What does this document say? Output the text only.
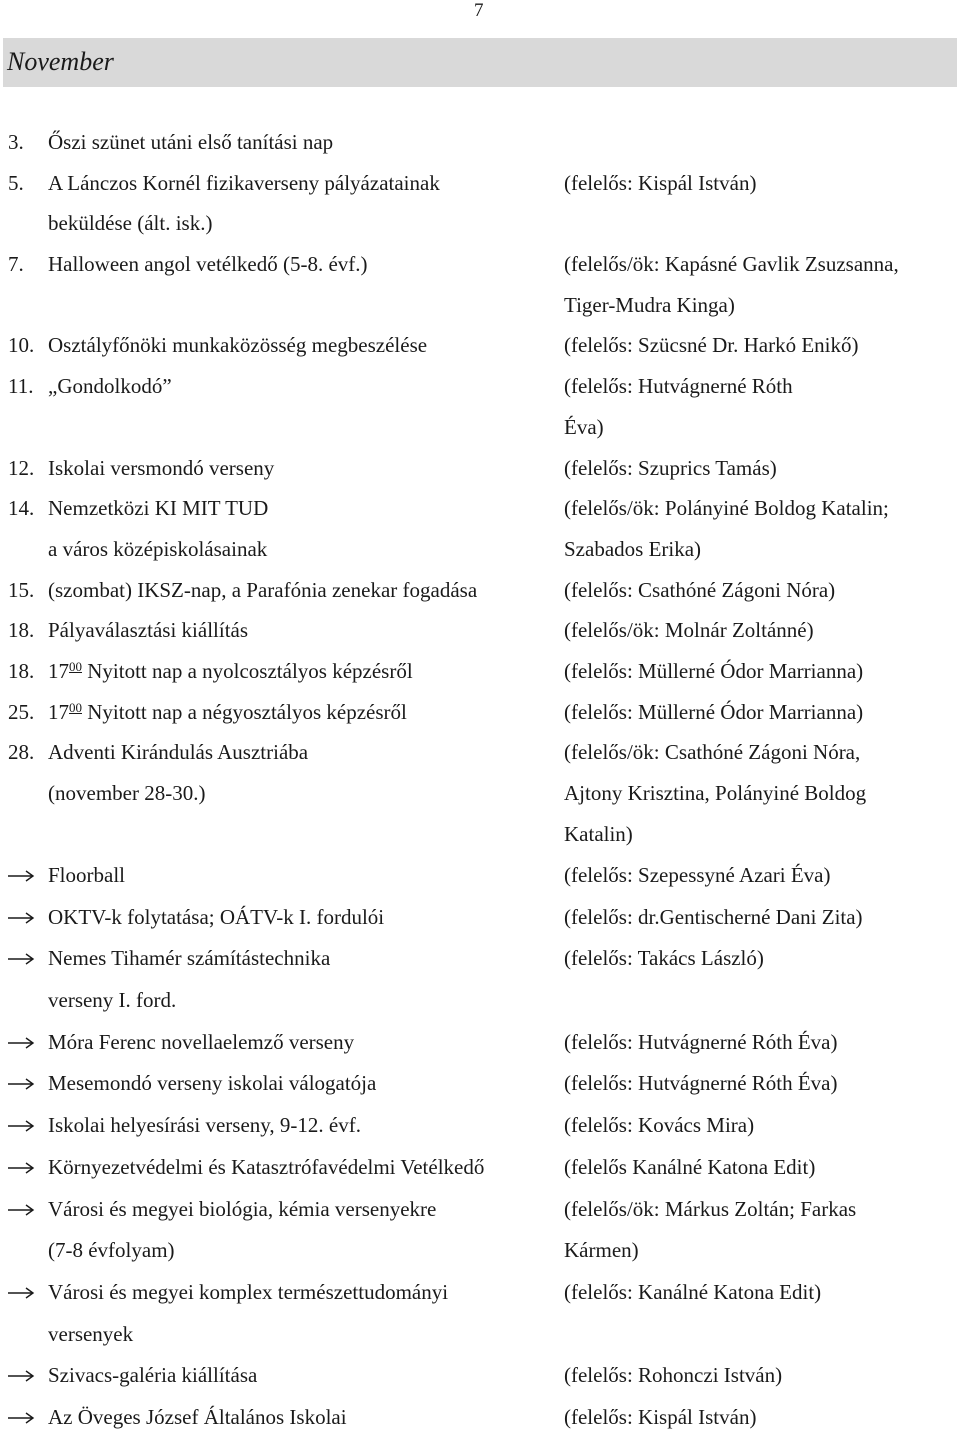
7
November
3. Őszi szünet utáni első tanítási nap
5. A Lánczos Kornél fizikaverseny pályázatainak	(felelős: Kispál István)
beküldése (ált. isk.)
7. Halloween angol vetélkedő (5-8. évf.)	(felelős/ök: Kapásné Gavlik Zsuzsanna,
Tiger-Mudra Kinga)
10. Osztályfőnöki munkaközösség megbeszélése	(felelős: Szücsné Dr. Harkó Enikő)
11. „Gondolkodó”	(felelős: Hutvágnerné Róth
Éva)
12. Iskolai versmondó verseny	(felelős: Szuprics Tamás)
14. Nemzetközi KI MIT TUD	(felelős/ök: Polányiné Boldog Katalin;
a város középiskolásainak	Szabados Erika)
15. (szombat) IKSZ-nap, a Parafónia zenekar fogadása	(felelős: Csathóné Zágoni Nóra)
18. Pályaválasztási kiállítás	(felelős/ök: Molnár Zoltánné)
18. $17^{00}$ Nyitott nap a nyolcosztályos képzésről	(felelős: Müllerné Ódor Marrianna)
25. $17^{00}$ Nyitott nap a négyosztályos képzésről	(felelős: Müllerné Ódor Marrianna)
28. Adventi Kirándulás Ausztriába	(felelős/ök: Csathóné Zágoni Nóra,
(november 28-30.)	Ajtony Krisztina, Polányiné Boldog
Katalin)
Floorball	(felelős: Szepessyné Azari Éva)
OKTV-k folytatása; OÁTV-k I. fordulói	(felelős: dr.Gentischerné Dani Zita)
Nemes Tihamér számítástechnika	(felelős: Takács László)
verseny I. ford.
Móra Ferenc novellaelemző verseny	(felelős: Hutvágnerné Róth Éva)
Mesemondó verseny iskolai válogatója	(felelős: Hutvágnerné Róth Éva)
Iskolai helyesírási verseny, 9-12. évf.	(felelős: Kovács Mira)
Környezetvédelmi és Katasztrófavédelmi Vetélkedő	(felelős Kanálné Katona Edit)
Városi és megyei biológia, kémia versenyekre	(felelős/ök: Márkus Zoltán; Farkas
(7-8 évfolyam)	Kármen)
Városi és megyei komplex természettudományi	(felelős: Kanálné Katona Edit)
versenyek
Szivacs-galéria kiállítása	(felelős: Rohonczi István)
Az Öveges József Általános Iskolai	(felelős: Kispál István)
